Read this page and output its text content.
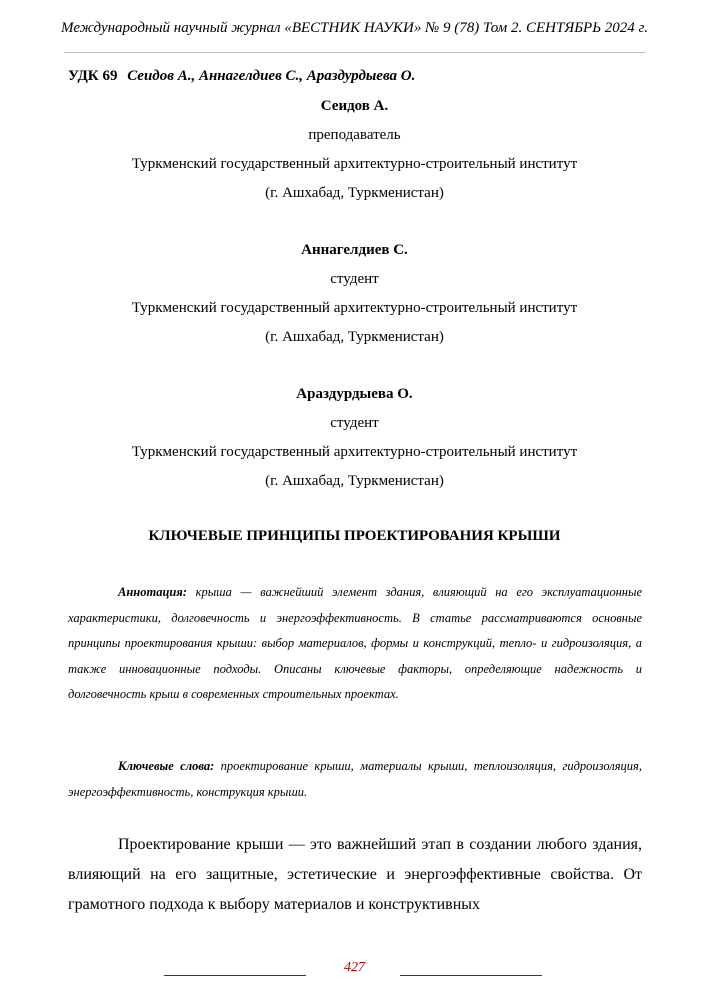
Международный научный журнал «ВЕСТНИК НАУКИ» № 9 (78) Том 2. СЕНТЯБРЬ 2024 г.
УДК 69 Сеидов А., Аннагелдиев С., Араздурдыева О.
Сеидов А.
преподаватель
Туркменский государственный архитектурно-строительный институт
(г. Ашхабад, Туркменистан)
Аннагелдиев С.
студент
Туркменский государственный архитектурно-строительный институт
(г. Ашхабад, Туркменистан)
Араздурдыева О.
студент
Туркменский государственный архитектурно-строительный институт
(г. Ашхабад, Туркменистан)
КЛЮЧЕВЫЕ ПРИНЦИПЫ ПРОЕКТИРОВАНИЯ КРЫШИ
Аннотация: крыша — важнейший элемент здания, влияющий на его эксплуатационные характеристики, долговечность и энергоэффективность. В статье рассматриваются основные принципы проектирования крыши: выбор материалов, формы и конструкций, тепло- и гидроизоляция, а также инновационные подходы. Описаны ключевые факторы, определяющие надежность и долговечность крыш в современных строительных проектах.
Ключевые слова: проектирование крыши, материалы крыши, теплоизоляция, гидроизоляция, энергоэффективность, конструкция крыши.
Проектирование крыши — это важнейший этап в создании любого здания, влияющий на его защитные, эстетические и энергоэффективные свойства. От грамотного подхода к выбору материалов и конструктивных
427
